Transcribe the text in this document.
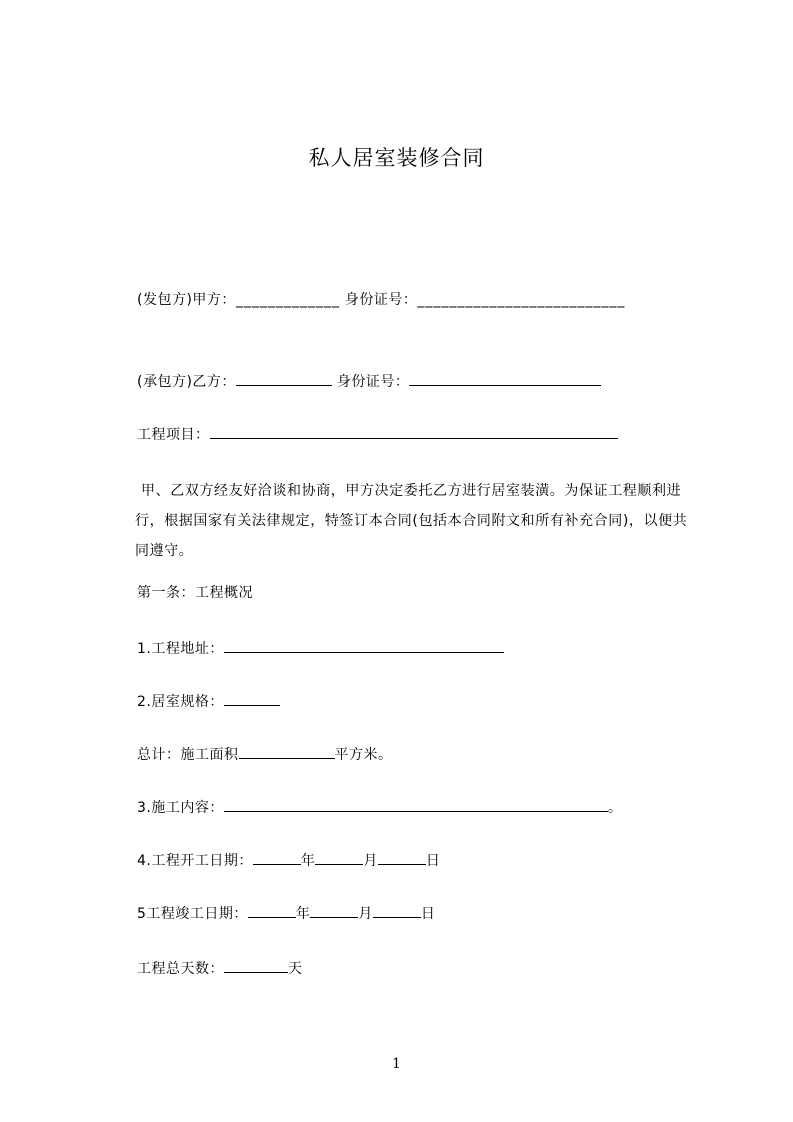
私人居室装修合同
(发包方)甲方：_____________ 身份证号：__________________________
(承包方)乙方：	身份证号：
工程项目：

甲、乙双方经友好洽谈和协商，甲方决定委托乙方进行居室装潢。为保证工程顺利进行，根据国家有关法律规定，特签订本合同(包括本合同附文和所有补充合同)，以便共同遵守。

第一条：工程概况
1.工程地址：
2.居室规格：
总计：施工面积	平方米。
3.施工内容：	。
4.工程开工日期：	年	月	日
5工程竣工日期：	年	月	日
工程总天数：	天
1
